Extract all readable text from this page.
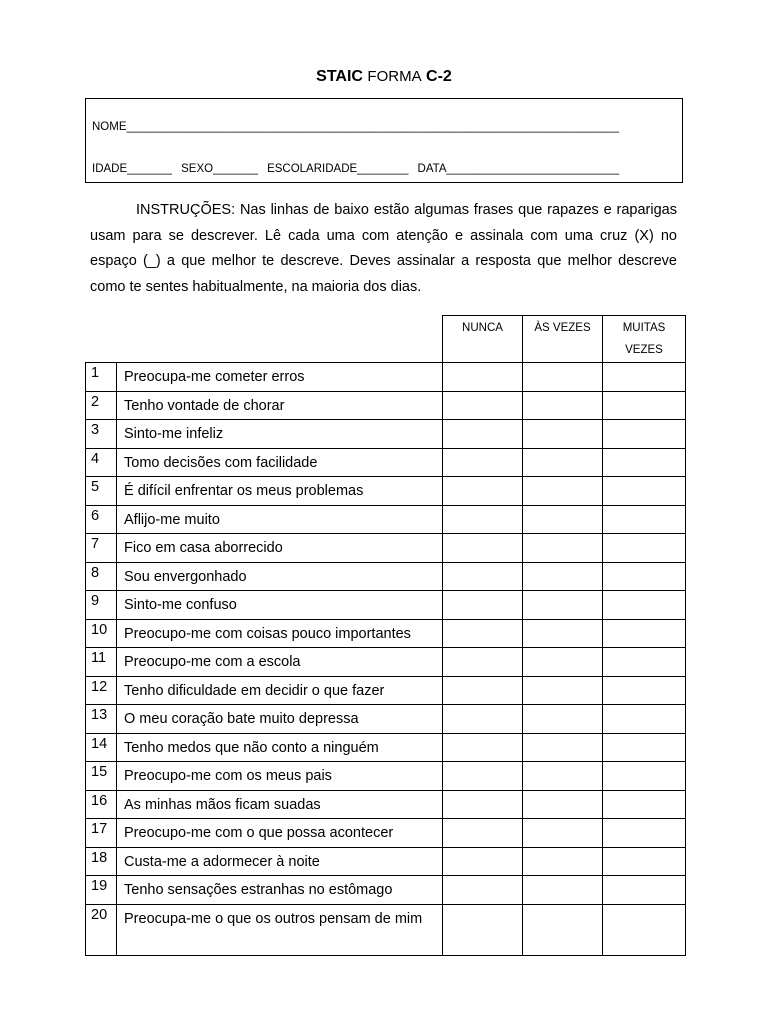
STAIC FORMA C-2
NOME_____________________________________________________________________________
IDADE_______ SEXO_______ ESCOLARIDADE________ DATA___________________________
INSTRUÇÕES: Nas linhas de baixo estão algumas frases que rapazes e raparigas usam para se descrever. Lê cada uma com atenção e assinala com uma cruz (X) no espaço (_) a que melhor te descreve. Deves assinalar a resposta que melhor descreve como te sentes habitualmente, na maioria dos dias.
		NUNCA	ÀS VEZES	MUITAS
VEZES
1	Preocupa-me cometer erros			
2	Tenho vontade de chorar			
3	Sinto-me infeliz			
4	Tomo decisões com facilidade			
5	É difícil enfrentar os meus problemas			
6	Aflijo-me muito			
7	Fico em casa aborrecido			
8	Sou envergonhado			
9	Sinto-me confuso			
10	Preocupo-me com coisas pouco importantes			
11	Preocupo-me com a escola			
12	Tenho dificuldade em decidir o que fazer			
13	O meu coração bate muito depressa			
14	Tenho medos que não conto a ninguém			
15	Preocupo-me com os meus pais			
16	As minhas mãos ficam suadas			
17	Preocupo-me com o que possa acontecer			
18	Custa-me a adormecer à noite			
19	Tenho sensações estranhas no estômago			
20	Preocupa-me o que os outros pensam de mim			
